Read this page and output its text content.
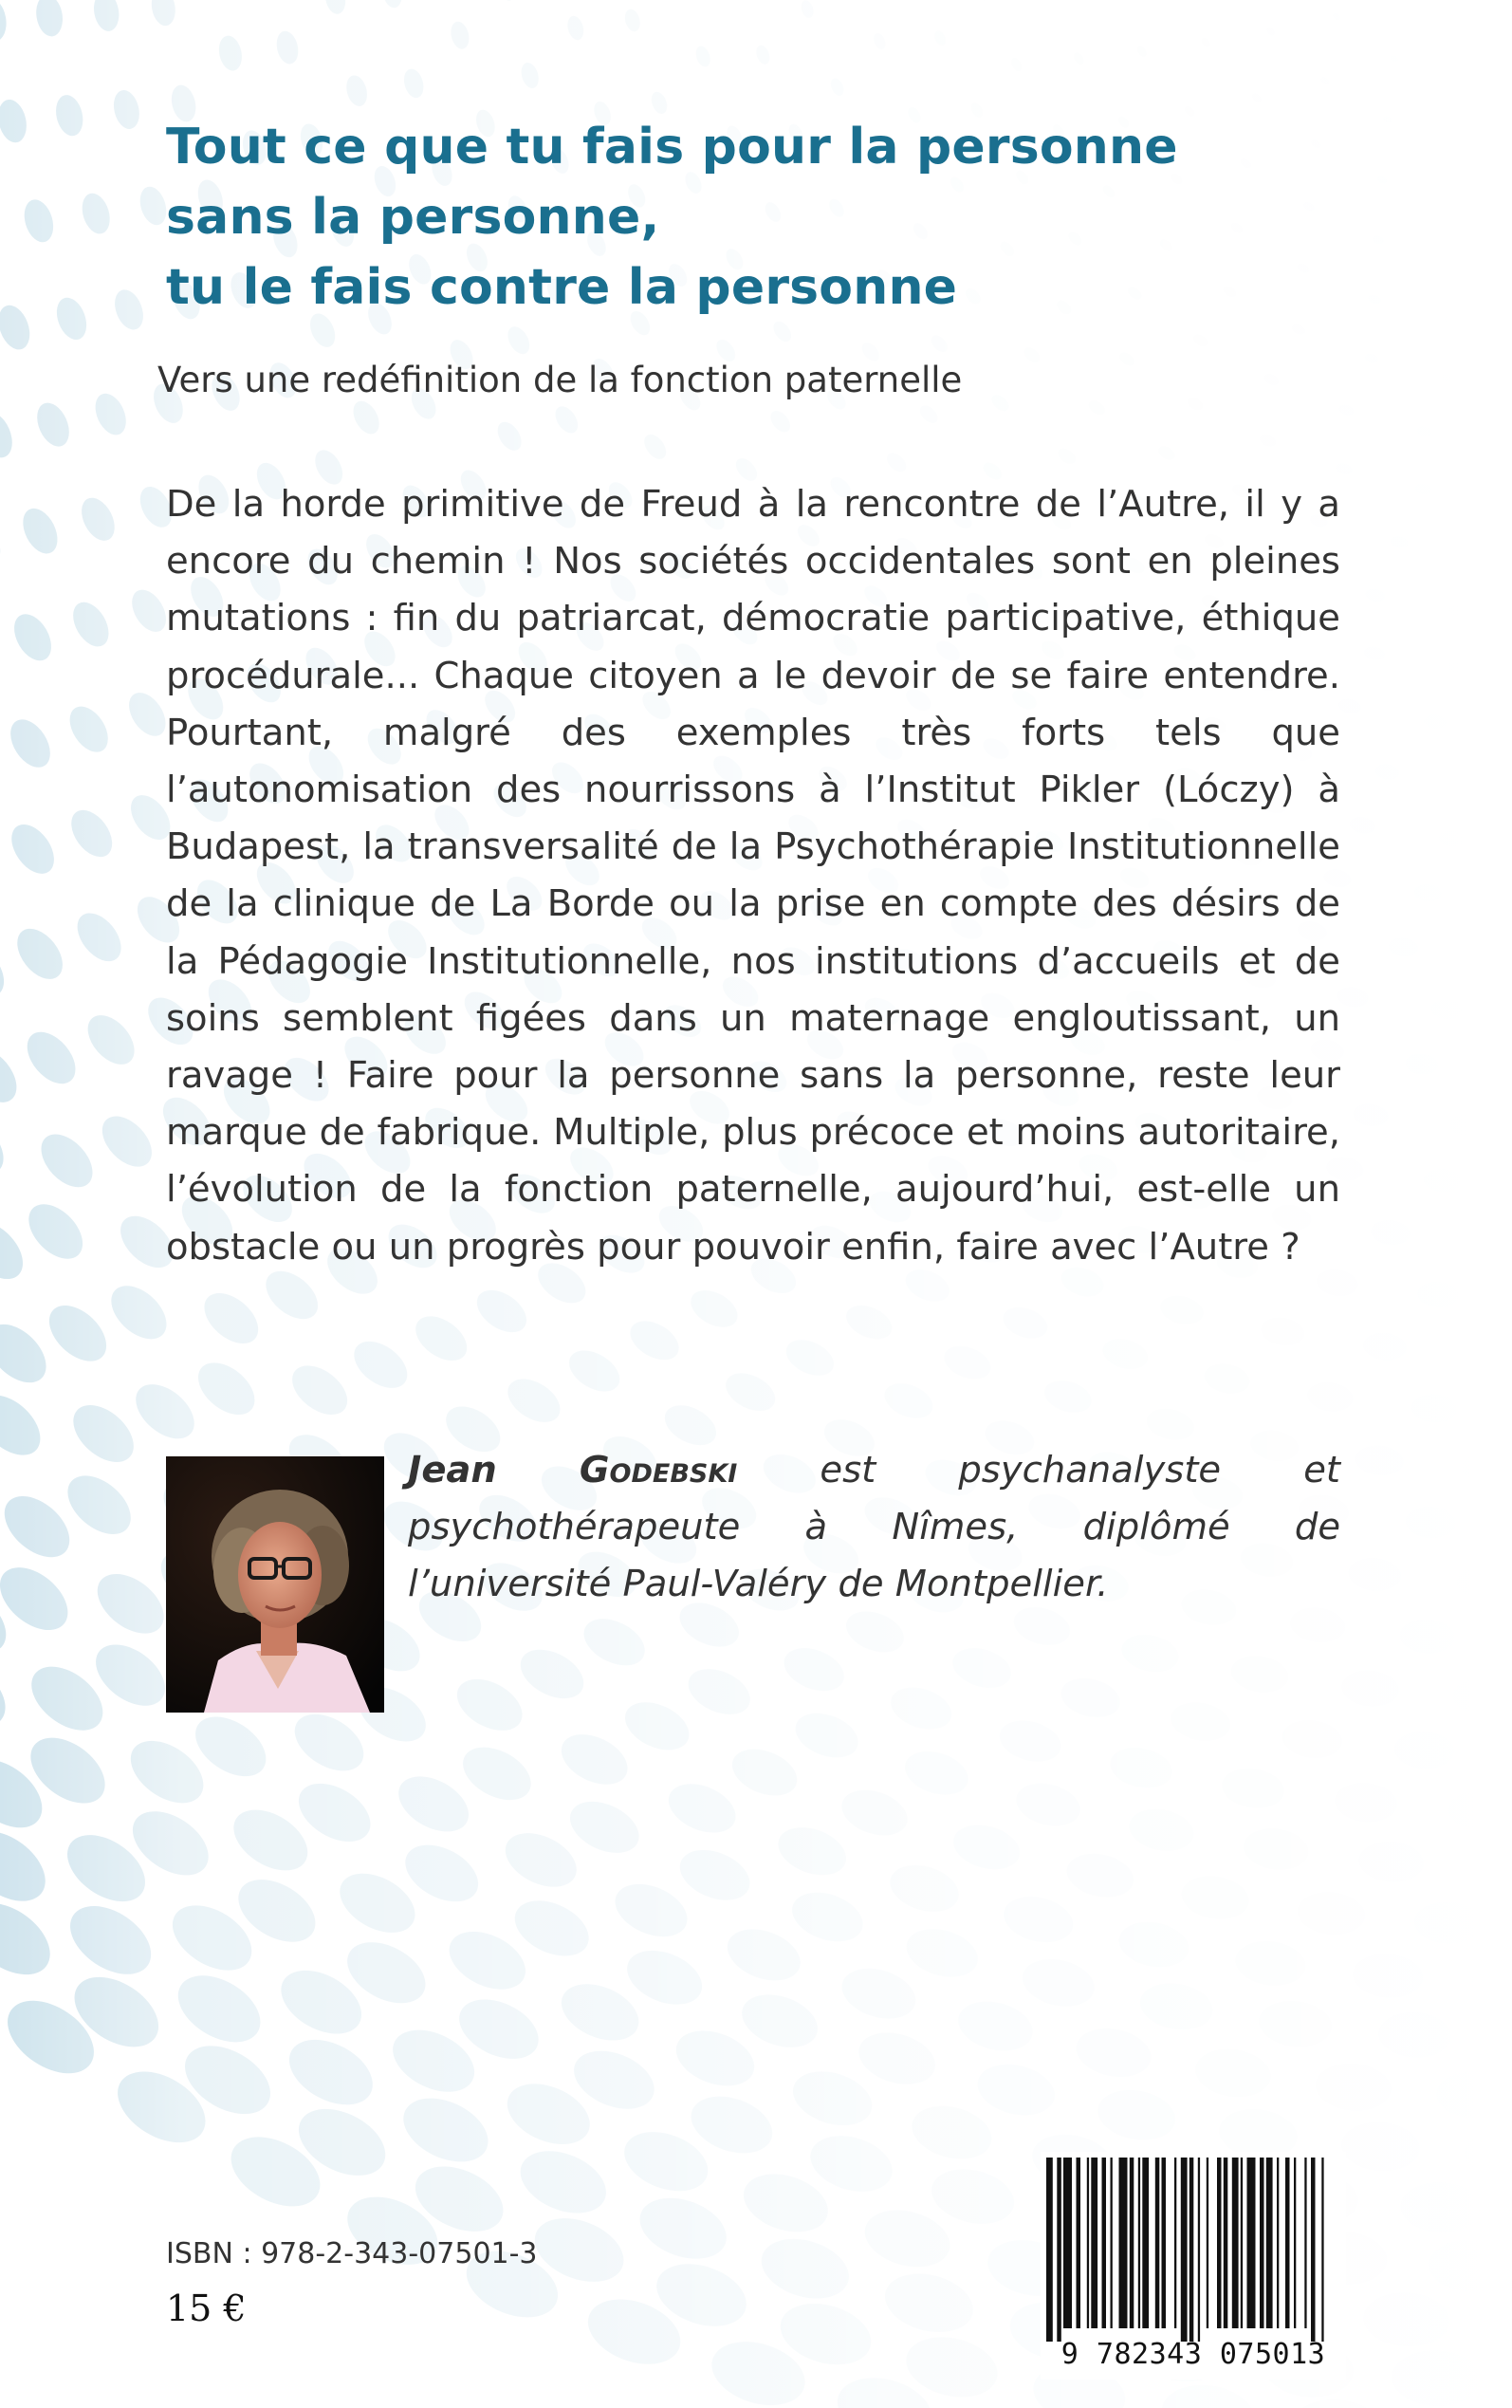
Tout ce que tu fais pour la personne
sans la personne,
tu le fais contre la personne
Vers une redéfinition de la fonction paternelle
De la horde primitive de Freud à la rencontre de l’Autre, il y a encore du chemin ! Nos sociétés occidentales sont en pleines mutations : fin du patriarcat, démocratie participative, éthique procédurale... Chaque citoyen a le devoir de se faire entendre. Pourtant, malgré des exemples très forts tels que l’autonomisation des nourrissons à l’Institut Pikler (Lóczy) à Budapest, la transversalité de la Psychothérapie Institutionnelle de la clinique de La Borde ou la prise en compte des désirs de la Pédagogie Institutionnelle, nos institutions d’accueils et de soins semblent figées dans un maternage engloutissant, un ravage ! Faire pour la personne sans la personne, reste leur marque de fabrique. Multiple, plus précoce et moins autoritaire, l’évolution de la fonction paternelle, aujourd’hui, est-elle un obstacle ou un progrès pour pouvoir enfin, faire avec l’Autre ?
Jean Godebski est psychanalyste et psychothérapeute à Nîmes, diplômé de l’université Paul-Valéry de Montpellier.
ISBN : 978-2-343-07501-3
15 €
9 782343 075013
